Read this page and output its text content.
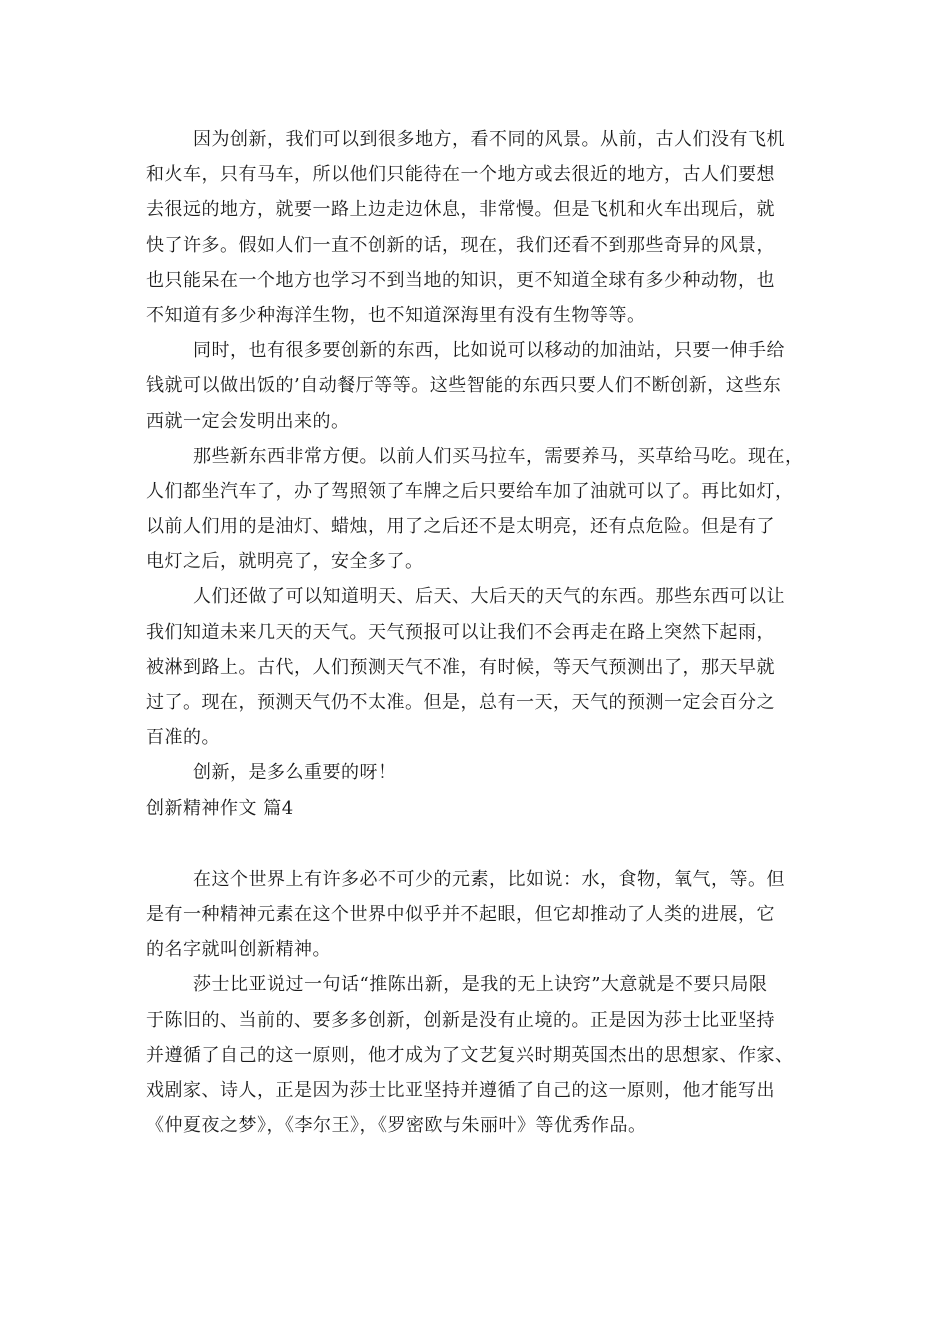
因为创新，我们可以到很多地方，看不同的风景。从前，古人们没有飞机
和火车，只有马车，所以他们只能待在一个地方或去很近的地方，古人们要想
去很远的地方，就要一路上边走边休息，非常慢。但是飞机和火车出现后，就
快了许多。假如人们一直不创新的话，现在，我们还看不到那些奇异的风景，
也只能呆在一个地方也学习不到当地的知识，更不知道全球有多少种动物，也
不知道有多少种海洋生物，也不知道深海里有没有生物等等。
同时，也有很多要创新的东西，比如说可以移动的加油站，只要一伸手给
钱就可以做出饭的’自动餐厅等等。这些智能的东西只要人们不断创新，这些东
西就一定会发明出来的。
那些新东西非常方便。以前人们买马拉车，需要养马，买草给马吃。现在，
人们都坐汽车了，办了驾照领了车牌之后只要给车加了油就可以了。再比如灯，
以前人们用的是油灯、蜡烛，用了之后还不是太明亮，还有点危险。但是有了
电灯之后，就明亮了，安全多了。
人们还做了可以知道明天、后天、大后天的天气的东西。那些东西可以让
我们知道未来几天的天气。天气预报可以让我们不会再走在路上突然下起雨，
被淋到路上。古代，人们预测天气不准，有时候，等天气预测出了，那天早就
过了。现在，预测天气仍不太准。但是，总有一天，天气的预测一定会百分之
百准的。
创新，是多么重要的呀！
创新精神作文 篇4
在这个世界上有许多必不可少的元素，比如说：水，食物，氧气，等。但
是有一种精神元素在这个世界中似乎并不起眼，但它却推动了人类的进展，它
的名字就叫创新精神。
莎士比亚说过一句话“推陈出新，是我的无上诀窍”大意就是不要只局限
于陈旧的、当前的、要多多创新，创新是没有止境的。正是因为莎士比亚坚持
并遵循了自己的这一原则，他才成为了文艺复兴时期英国杰出的思想家、作家、
戏剧家、诗人，正是因为莎士比亚坚持并遵循了自己的这一原则，他才能写出
《仲夏夜之梦》，《李尔王》，《罗密欧与朱丽叶》等优秀作品。
